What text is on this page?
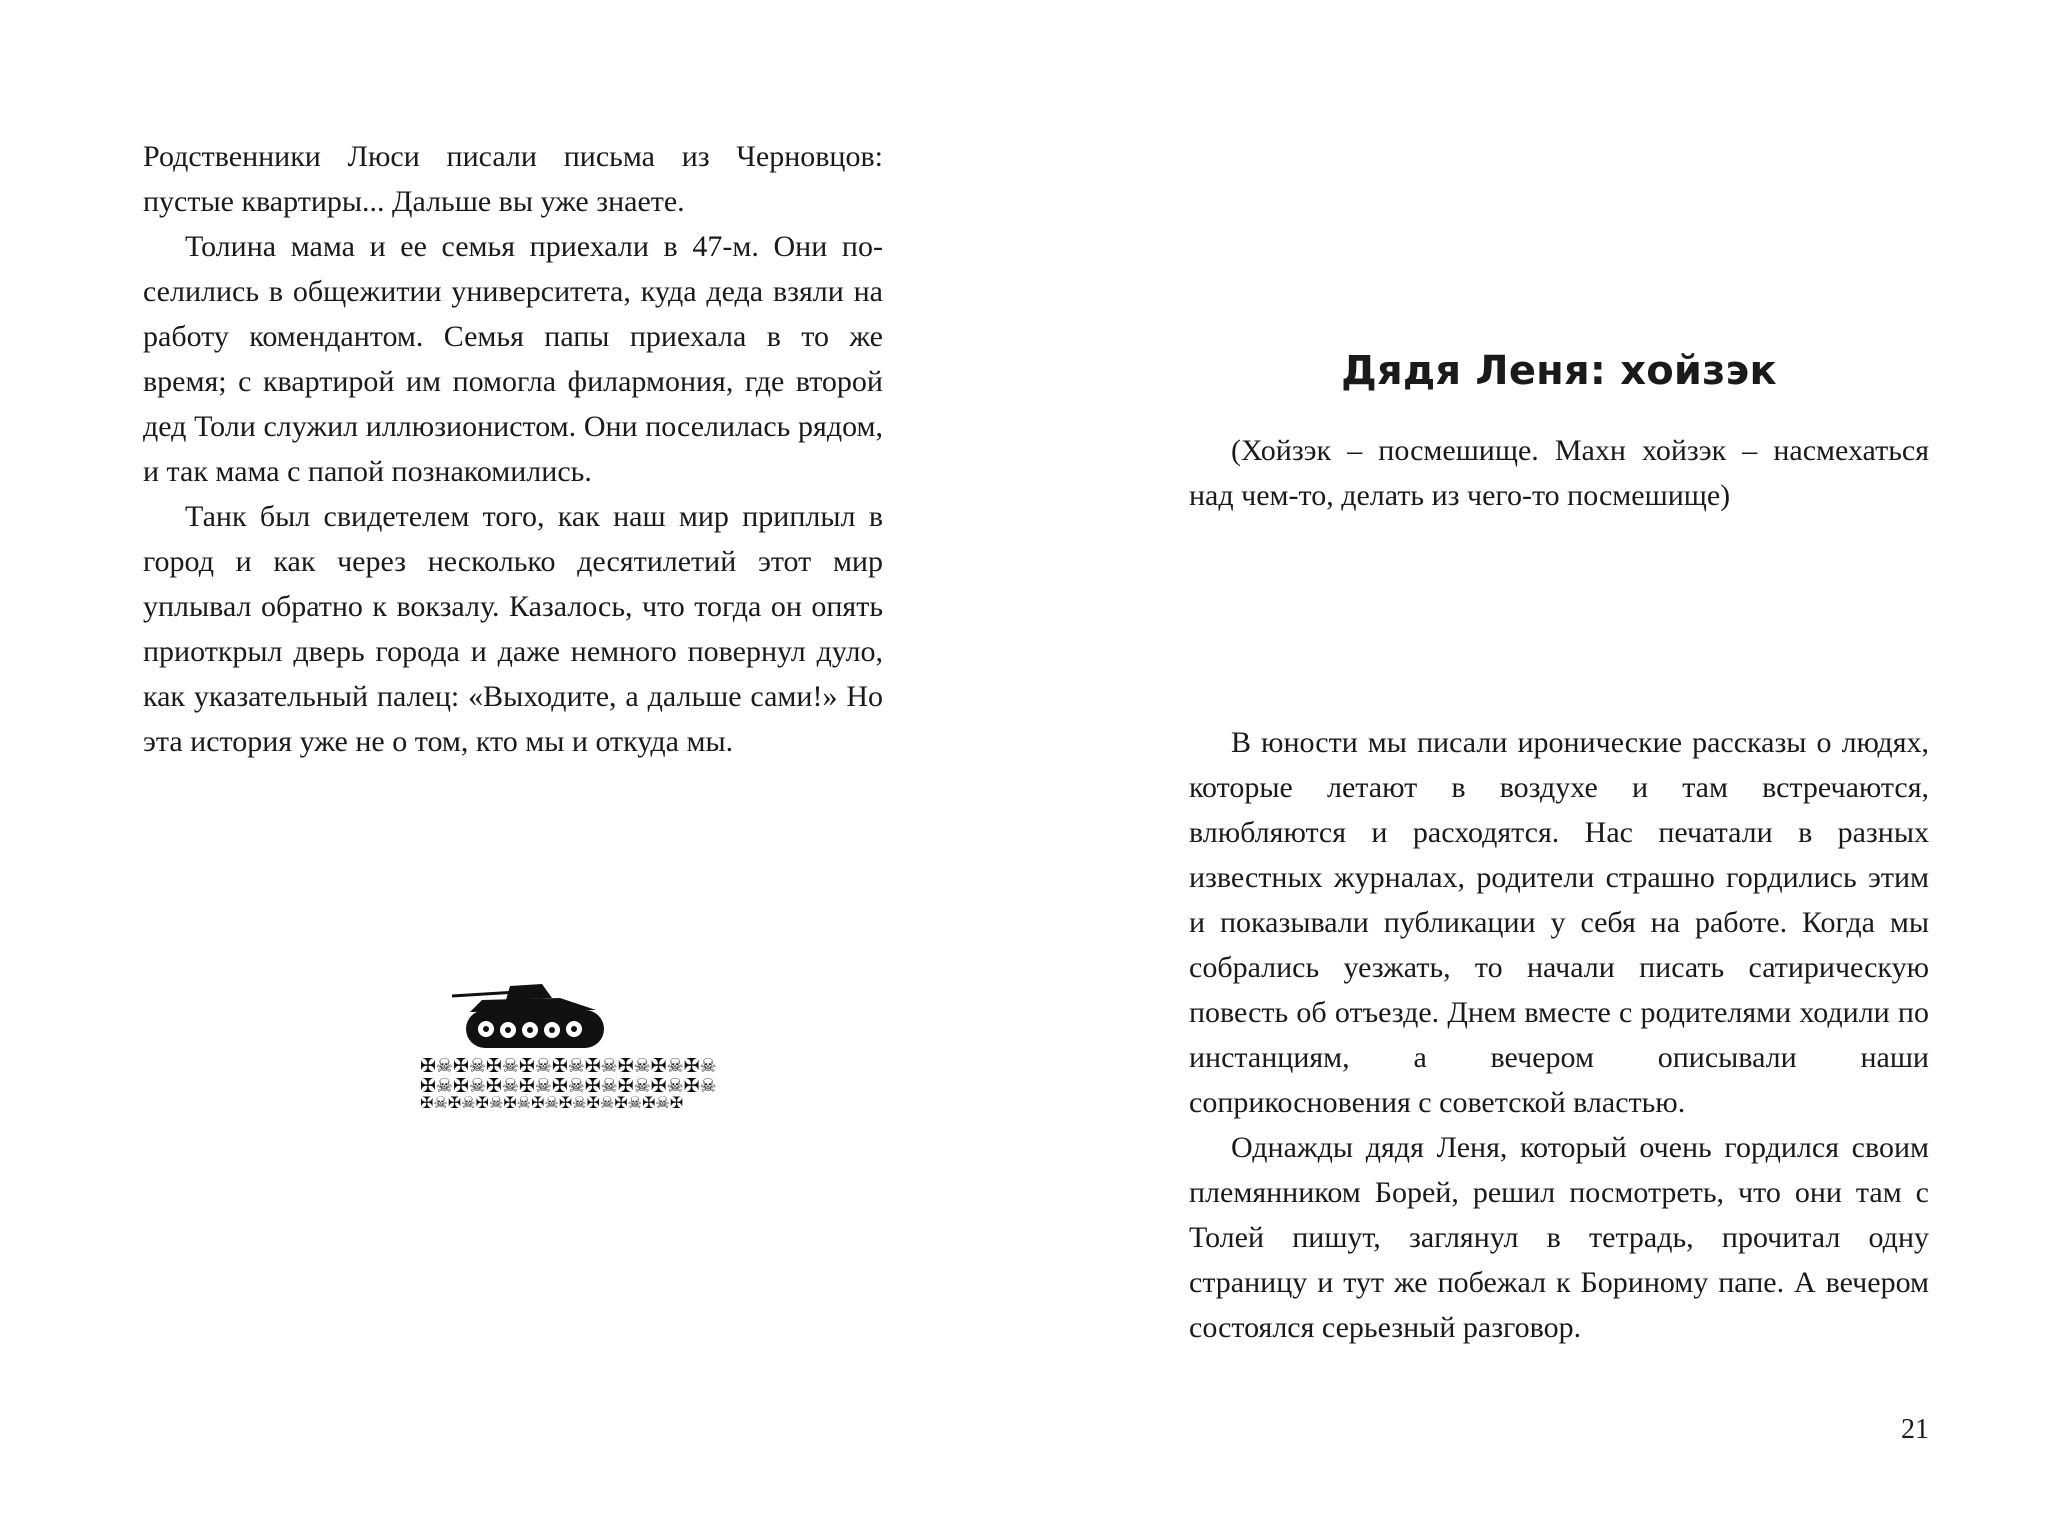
Родственники Люси писали письма из Черновцов: пустые квартиры... Дальше вы уже знаете.

Толина мама и ее семья приехали в 47-м. Они поселились в общежитии университета, куда деда взяли на работу комендантом. Семья папы приехала в то же время; с квартирой им помогла филармония, где второй дед Толи служил иллюзионистом. Они поселилась рядом, и так мама с папой познакомились.

Танк был свидетелем того, как наш мир приплыл в город и как через несколько десятилетий этот мир уплывал обратно к вокзалу. Казалось, что тогда он опять приоткрыл дверь города и даже немного повернул дуло, как указательный палец: «Выходите, а дальше сами!» Но эта история уже не о том, кто мы и откуда мы.

✠☠✠☠✠☠✠☠✠☠✠☠✠☠✠☠✠☠
✠☠✠☠✠☠✠☠✠☠✠☠✠☠✠☠✠☠
✠☠✠☠✠☠✠☠✠☠✠☠✠☠✠☠✠☠✠
Дядя Леня: хойзэк

(Хойзэк – посмешище. Махн хойзэк – насмехаться над чем-то, делать из чего-то посмешище)

В юности мы писали иронические рассказы о людях, которые летают в воздухе и там встречаются, влюбляются и расходятся. Нас печатали в разных известных журналах, родители страшно гордились этим и показывали публикации у себя на работе. Когда мы собрались уезжать, то начали писать сатирическую повесть об отъезде. Днем вместе с родителями ходили по инстанциям, а вечером описывали наши соприкосновения с советской властью.

Однажды дядя Леня, который очень гордился своим племянником Борей, решил посмотреть, что они там с Толей пишут, заглянул в тетрадь, прочитал одну страницу и тут же побежал к Бориному папе. А вечером состоялся серьезный разговор.

21
